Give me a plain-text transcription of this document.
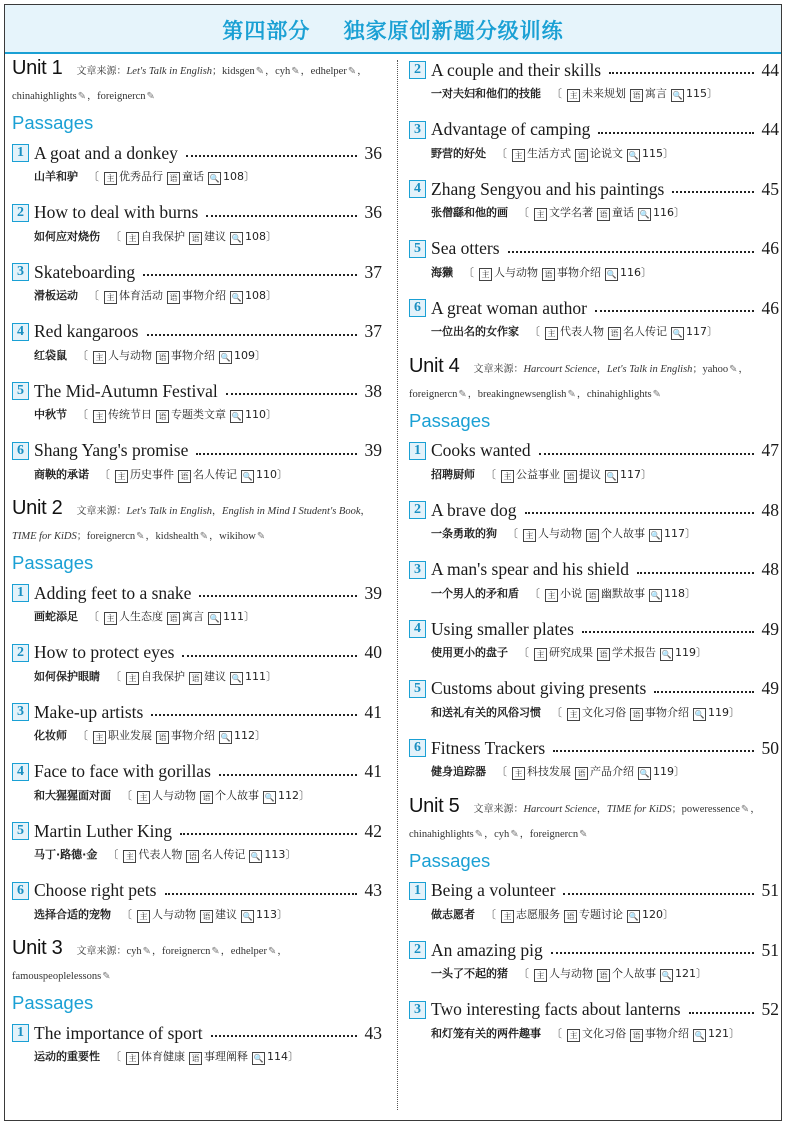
第四部分    独家原创新题分级训练
Unit 1 文章来源：Let's Talk in English；kidsgen✎，cyh✎，edhelper✎，chinahighlights✎，foreignercn✎
Passages
1 A goat and a donkey	36
山羊和驴 〔 主 优秀品行 语 童话 🔍 108〕
2 How to deal with burns	36
如何应对烧伤 〔 主 自我保护 语 建议 🔍 108〕
3 Skateboarding	37
滑板运动 〔 主 体育活动 语 事物介绍 🔍 108〕
4 Red kangaroos	37
红袋鼠 〔 主 人与动物 语 事物介绍 🔍 109〕
5 The Mid-Autumn Festival	38
中秋节 〔 主 传统节日 语 专题类文章 🔍 110〕
6 Shang Yang's promise	39
商鞅的承诺 〔 主 历史事件 语 名人传记 🔍 110〕
Unit 2 文章来源：Let's Talk in English，English in Mind I Student's Book，TIME for KiDS；foreignercn✎，kidshealth✎，wikihow✎
Passages
1 Adding feet to a snake	39
画蛇添足 〔 主 人生态度 语 寓言 🔍 111〕
2 How to protect eyes	40
如何保护眼睛 〔 主 自我保护 语 建议 🔍 111〕
3 Make-up artists	41
化妆师 〔 主 职业发展 语 事物介绍 🔍 112〕
4 Face to face with gorillas	41
和大猩猩面对面 〔 主 人与动物 语 个人故事 🔍 112〕
5 Martin Luther King	42
马丁·路德·金 〔 主 代表人物 语 名人传记 🔍 113〕
6 Choose right pets	43
选择合适的宠物 〔 主 人与动物 语 建议 🔍 113〕
Unit 3 文章来源：cyh✎，foreignercn✎，edhelper✎，famouspeoplelessons✎
Passages
1 The importance of sport	43
运动的重要性 〔 主 体育健康 语 事理阐释 🔍 114〕
2 A couple and their skills	44
一对夫妇和他们的技能 〔 主 未来规划 语 寓言 🔍 115〕
3 Advantage of camping	44
野营的好处 〔 主 生活方式 语 论说文 🔍 115〕
4 Zhang Sengyou and his paintings	45
张僧繇和他的画 〔 主 文学名著 语 童话 🔍 116〕
5 Sea otters	46
海獭 〔 主 人与动物 语 事物介绍 🔍 116〕
6 A great woman author	46
一位出名的女作家 〔 主 代表人物 语 名人传记 🔍 117〕
Unit 4 文章来源：Harcourt Science，Let's Talk in English；yahoo✎，foreignercn✎，breakingnewsenglish✎，chinahighlights✎
Passages
1 Cooks wanted	47
招聘厨师 〔 主 公益事业 语 提议 🔍 117〕
2 A brave dog	48
一条勇敢的狗 〔 主 人与动物 语 个人故事 🔍 117〕
3 A man's spear and his shield	48
一个男人的矛和盾 〔 主 小说 语 幽默故事 🔍 118〕
4 Using smaller plates	49
使用更小的盘子 〔 主 研究成果 语 学术报告 🔍 119〕
5 Customs about giving presents	49
和送礼有关的风俗习惯 〔 主 文化习俗 语 事物介绍 🔍 119〕
6 Fitness Trackers	50
健身追踪器 〔 主 科技发展 语 产品介绍 🔍 119〕
Unit 5 文章来源：Harcourt Science，TIME for KiDS；poweressence✎，chinahighlights✎，cyh✎，foreignercn✎
Passages
1 Being a volunteer	51
做志愿者 〔 主 志愿服务 语 专题讨论 🔍 120〕
2 An amazing pig	51
一头了不起的猪 〔 主 人与动物 语 个人故事 🔍 121〕
3 Two interesting facts about lanterns	52
和灯笼有关的两件趣事 〔 主 文化习俗 语 事物介绍 🔍 121〕
